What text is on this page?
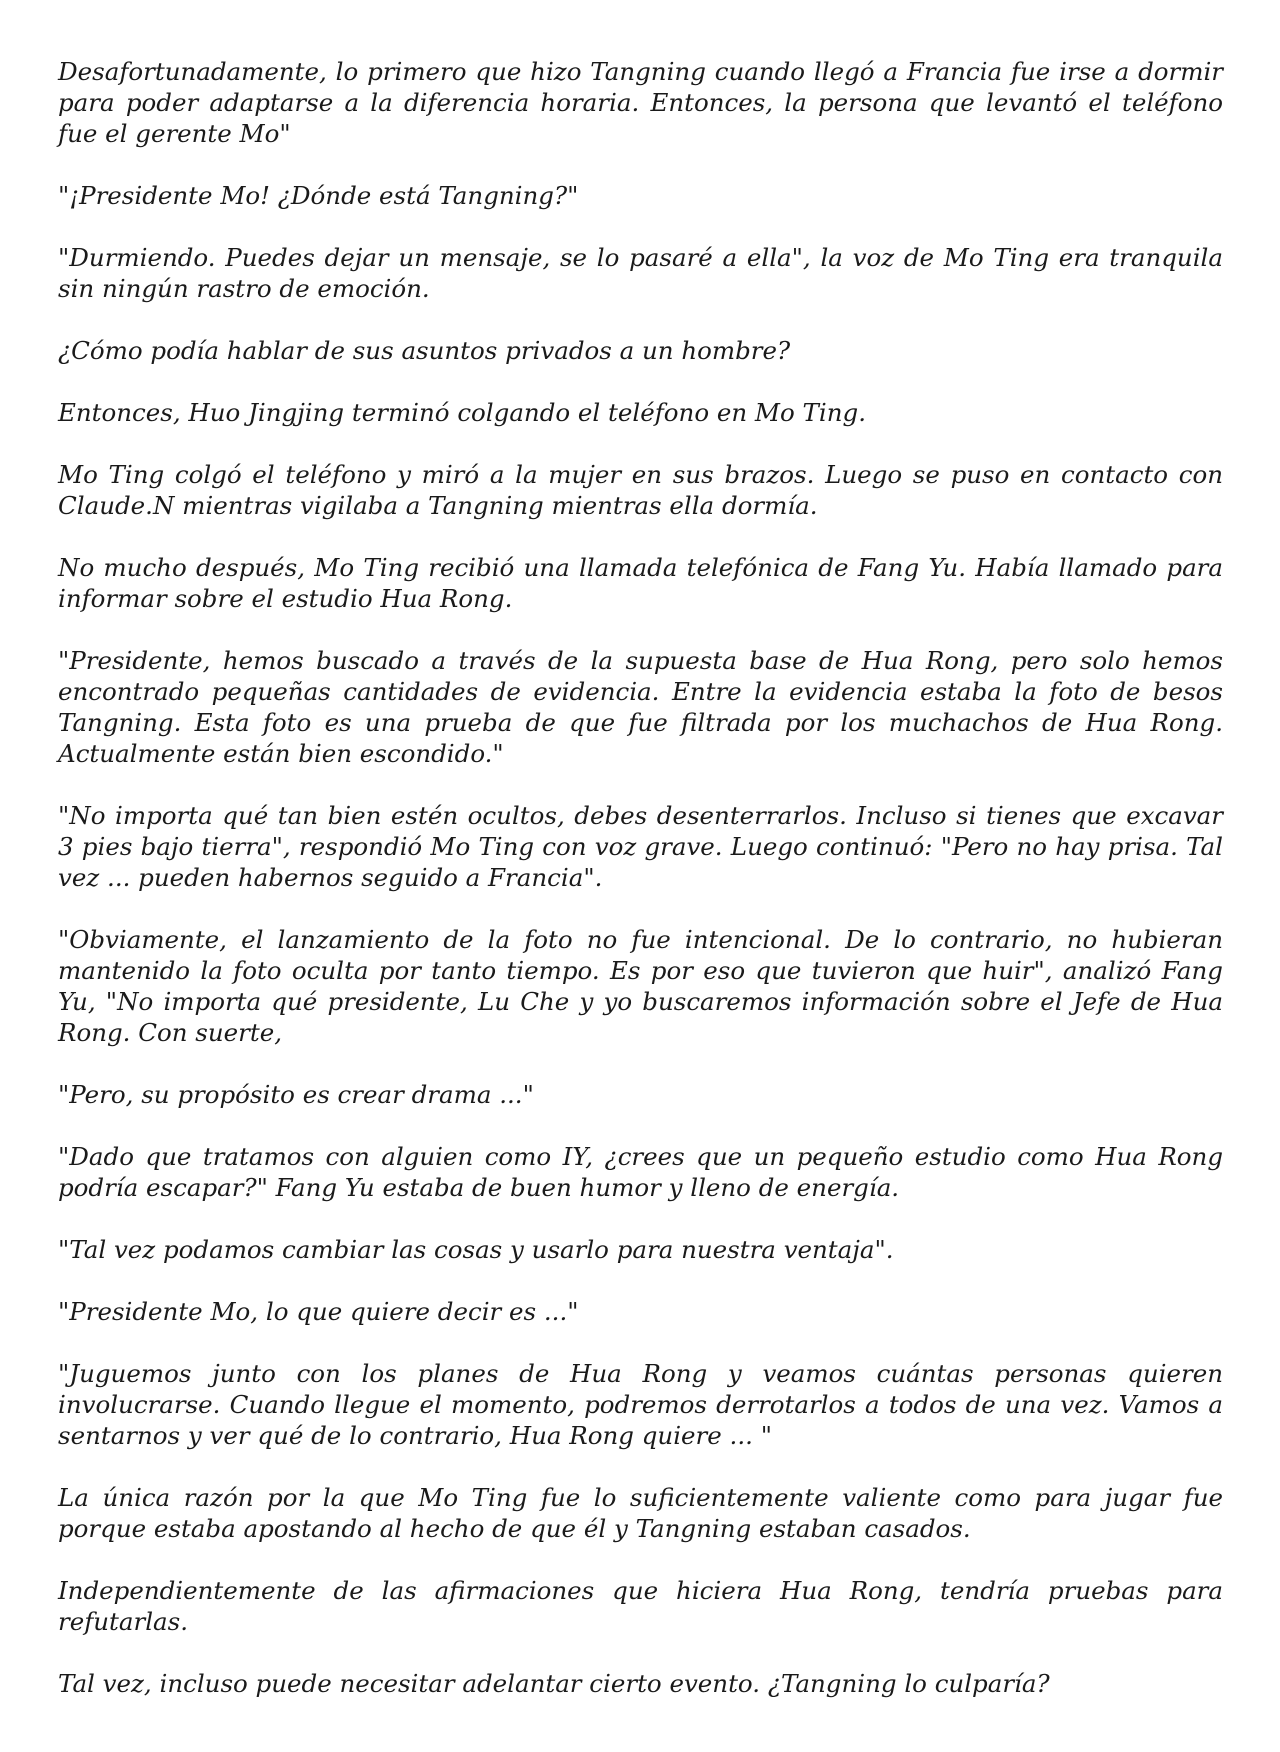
Desafortunadamente, lo primero que hizo Tangning cuando llegó a Francia fue irse a dormir para poder adaptarse a la diferencia horaria. Entonces, la persona que levantó el teléfono fue el gerente Mo"

"¡Presidente Mo! ¿Dónde está Tangning?"

"Durmiendo. Puedes dejar un mensaje, se lo pasaré a ella", la voz de Mo Ting era tranquila sin ningún rastro de emoción.

¿Cómo podía hablar de sus asuntos privados a un hombre?

Entonces, Huo Jingjing terminó colgando el teléfono en Mo Ting.

Mo Ting colgó el teléfono y miró a la mujer en sus brazos. Luego se puso en contacto con Claude.N mientras vigilaba a Tangning mientras ella dormía.

No mucho después, Mo Ting recibió una llamada telefónica de Fang Yu. Había llamado para informar sobre el estudio Hua Rong.

"Presidente, hemos buscado a través de la supuesta base de Hua Rong, pero solo hemos encontrado pequeñas cantidades de evidencia. Entre la evidencia estaba la foto de besos Tangning. Esta foto es una prueba de que fue filtrada por los muchachos de Hua Rong. Actualmente están bien escondido."

"No importa qué tan bien estén ocultos, debes desenterrarlos. Incluso si tienes que excavar 3 pies bajo tierra", respondió Mo Ting con voz grave. Luego continuó: "Pero no hay prisa. Tal vez ... pueden habernos seguido a Francia".

"Obviamente, el lanzamiento de la foto no fue intencional. De lo contrario, no hubieran mantenido la foto oculta por tanto tiempo. Es por eso que tuvieron que huir", analizó Fang Yu, "No importa qué presidente, Lu Che y yo buscaremos información sobre el Jefe de Hua Rong. Con suerte,

"Pero, su propósito es crear drama ..."

"Dado que tratamos con alguien como IY, ¿crees que un pequeño estudio como Hua Rong podría escapar?" Fang Yu estaba de buen humor y lleno de energía.

"Tal vez podamos cambiar las cosas y usarlo para nuestra ventaja".

"Presidente Mo, lo que quiere decir es ..."

"Juguemos junto con los planes de Hua Rong y veamos cuántas personas quieren involucrarse. Cuando llegue el momento, podremos derrotarlos a todos de una vez. Vamos a sentarnos y ver qué de lo contrario, Hua Rong quiere ... "

La única razón por la que Mo Ting fue lo suficientemente valiente como para jugar fue porque estaba apostando al hecho de que él y Tangning estaban casados.

Independientemente de las afirmaciones que hiciera Hua Rong, tendría pruebas para refutarlas.

Tal vez, incluso puede necesitar adelantar cierto evento. ¿Tangning lo culparía?
